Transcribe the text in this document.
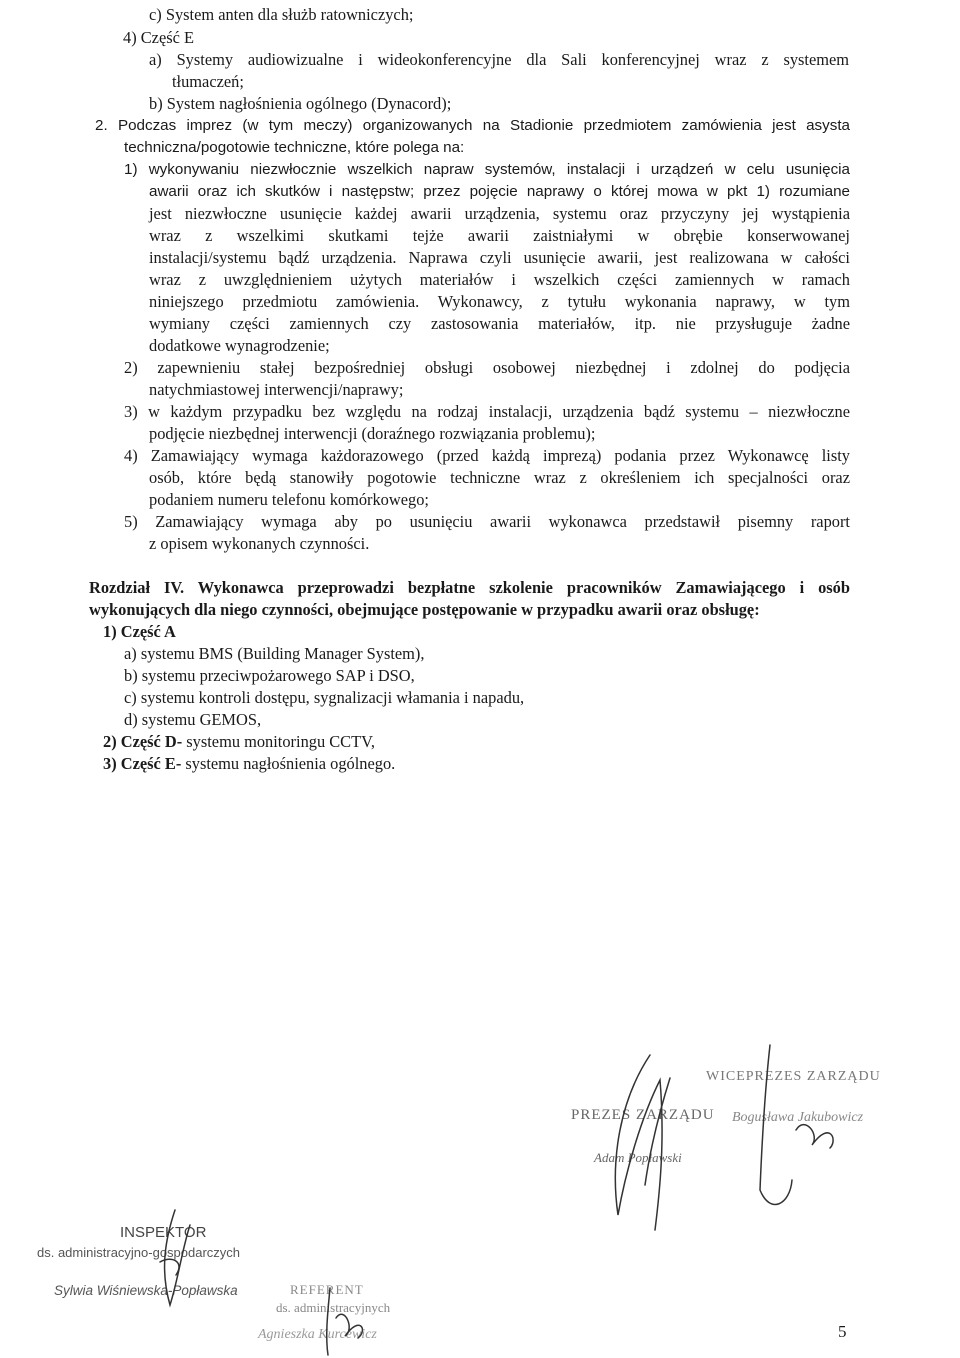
c) System anten dla służb ratowniczych;
4) Część E
a) Systemy audiowizualne i wideokonferencyjne dla Sali konferencyjnej wraz z systemem
tłumaczeń;
b) System nagłośnienia ogólnego (Dynacord);
2. Podczas imprez (w tym meczy) organizowanych na Stadionie przedmiotem zamówienia jest asysta
techniczna/pogotowie techniczne, które polega na:
1) wykonywaniu niezwłocznie wszelkich napraw systemów, instalacji i urządzeń w celu usunięcia
awarii oraz ich skutków i następstw; przez pojęcie naprawy o której mowa w pkt 1) rozumiane
jest niezwłoczne usunięcie każdej awarii urządzenia, systemu oraz przyczyny jej wystąpienia
wraz z wszelkimi skutkami tejże awarii zaistniałymi w obrębie konserwowanej
instalacji/systemu bądź urządzenia. Naprawa czyli usunięcie awarii, jest realizowana w całości
wraz z uwzględnieniem użytych materiałów i wszelkich części zamiennych w ramach
niniejszego przedmiotu zamówienia. Wykonawcy, z tytułu wykonania naprawy, w tym
wymiany części zamiennych czy zastosowania materiałów, itp. nie przysługuje żadne
dodatkowe wynagrodzenie;
2) zapewnieniu stałej bezpośredniej obsługi osobowej niezbędnej i zdolnej do podjęcia
natychmiastowej interwencji/naprawy;
3) w każdym przypadku bez względu na rodzaj instalacji, urządzenia bądź systemu – niezwłoczne
podjęcie niezbędnej interwencji (doraźnego rozwiązania problemu);
4) Zamawiający wymaga każdorazowego (przed każdą imprezą) podania przez Wykonawcę listy
osób, które będą stanowiły pogotowie techniczne wraz z określeniem ich specjalności oraz
podaniem numeru telefonu komórkowego;
5) Zamawiający wymaga aby po usunięciu awarii wykonawca przedstawił pisemny raport
z opisem wykonanych czynności.
Rozdział IV. Wykonawca przeprowadzi bezpłatne szkolenie pracowników Zamawiającego i osób
wykonujących dla niego czynności, obejmujące postępowanie w przypadku awarii oraz obsługę:
1) Część A
a) systemu BMS (Building Manager System),
b) systemu przeciwpożarowego SAP i DSO,
c) systemu kontroli dostępu, sygnalizacji włamania i napadu,
d) systemu GEMOS,
2) Część D- systemu monitoringu CCTV,
3) Część E- systemu nagłośnienia ogólnego.
WICEPREZES ZARZĄDU
PREZES ZARZĄDU Bogusława Jakubowicz
Adam Popławski
INSPEKTOR
ds. administracyjno-gospodarczych
Sylwia Wiśniewska-Popławska	REFERENT
ds. administracyjnych
Agnieszka Kurcewicz	5
